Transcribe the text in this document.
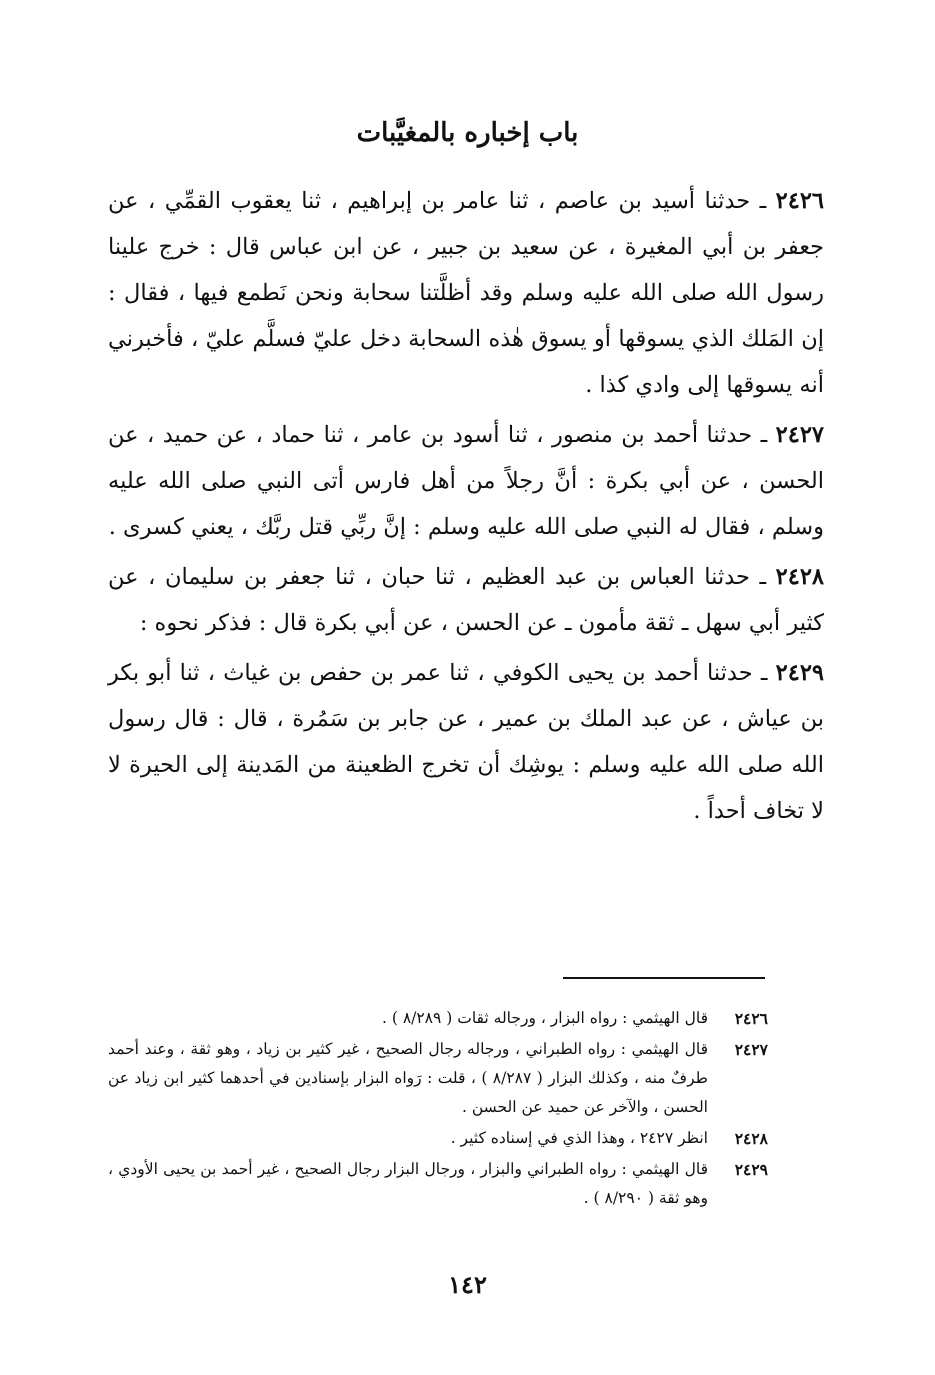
باب إخباره بالمغيَّبات

٢٤٢٦ ـ حدثنا أسيد بن عاصم ، ثنا عامر بن إبراهيم ، ثنا يعقوب القمِّي ، عن جعفر بن أبي المغيرة ، عن سعيد بن جبير ، عن ابن عباس قال : خرج علينا رسول الله صلى الله عليه وسلم وقد أظلَّتنا سحابة ونحن نَطمع فيها ، فقال : إن المَلك الذي يسوقها أو يسوق هٰذه السحابة دخل عليّ فسلَّم عليّ ، فأخبرني أنه يسوقها إلى وادي كذا .

٢٤٢٧ ـ حدثنا أحمد بن منصور ، ثنا أسود بن عامر ، ثنا حماد ، عن حميد ، عن الحسن ، عن أبي بكرة : أنَّ رجلاً من أهل فارس أتى النبي صلى الله عليه وسلم ، فقال له النبي صلى الله عليه وسلم : إنَّ ربِّي قتل ربَّك ، يعني كسرى .

٢٤٢٨ ـ حدثنا العباس بن عبد العظيم ، ثنا حبان ، ثنا جعفر بن سليمان ، عن كثير أبي سهل ـ ثقة مأمون ـ عن الحسن ، عن أبي بكرة قال : فذكر نحوه :

٢٤٢٩ ـ حدثنا أحمد بن يحيى الكوفي ، ثنا عمر بن حفص بن غياث ، ثنا أبو بكر بن عياش ، عن عبد الملك بن عمير ، عن جابر بن سَمُرة ، قال : قال رسول الله صلى الله عليه وسلم : يوشِك أن تخرج الظعينة من المَدينة إلى الحيرة لا لا تخاف أحداً .

٢٤٢٦
قال الهيثمي : رواه البزار ، ورجاله ثقات ( ٨/٢٨٩ ) .
٢٤٢٧
قال الهيثمي : رواه الطبراني ، ورجاله رجال الصحيح ، غير كثير بن زياد ، وهو ثقة ، وعند أحمد طرفٌ منه ، وكذلك البزار ( ٨/٢٨٧ ) ، قلت : رَواه البزار بإسنادين في أحدهما كثير ابن زياد عن الحسن ، والآخر عن حميد عن الحسن .
٢٤٢٨
انظر ٢٤٢٧ ، وهذا الذي في إسناده كثير .
٢٤٢٩
قال الهيثمي : رواه الطبراني والبزار ، ورجال البزار رجال الصحيح ، غير أحمد بن يحيى الأودي ، وهو ثقة ( ٨/٢٩٠ ) .
١٤٢
